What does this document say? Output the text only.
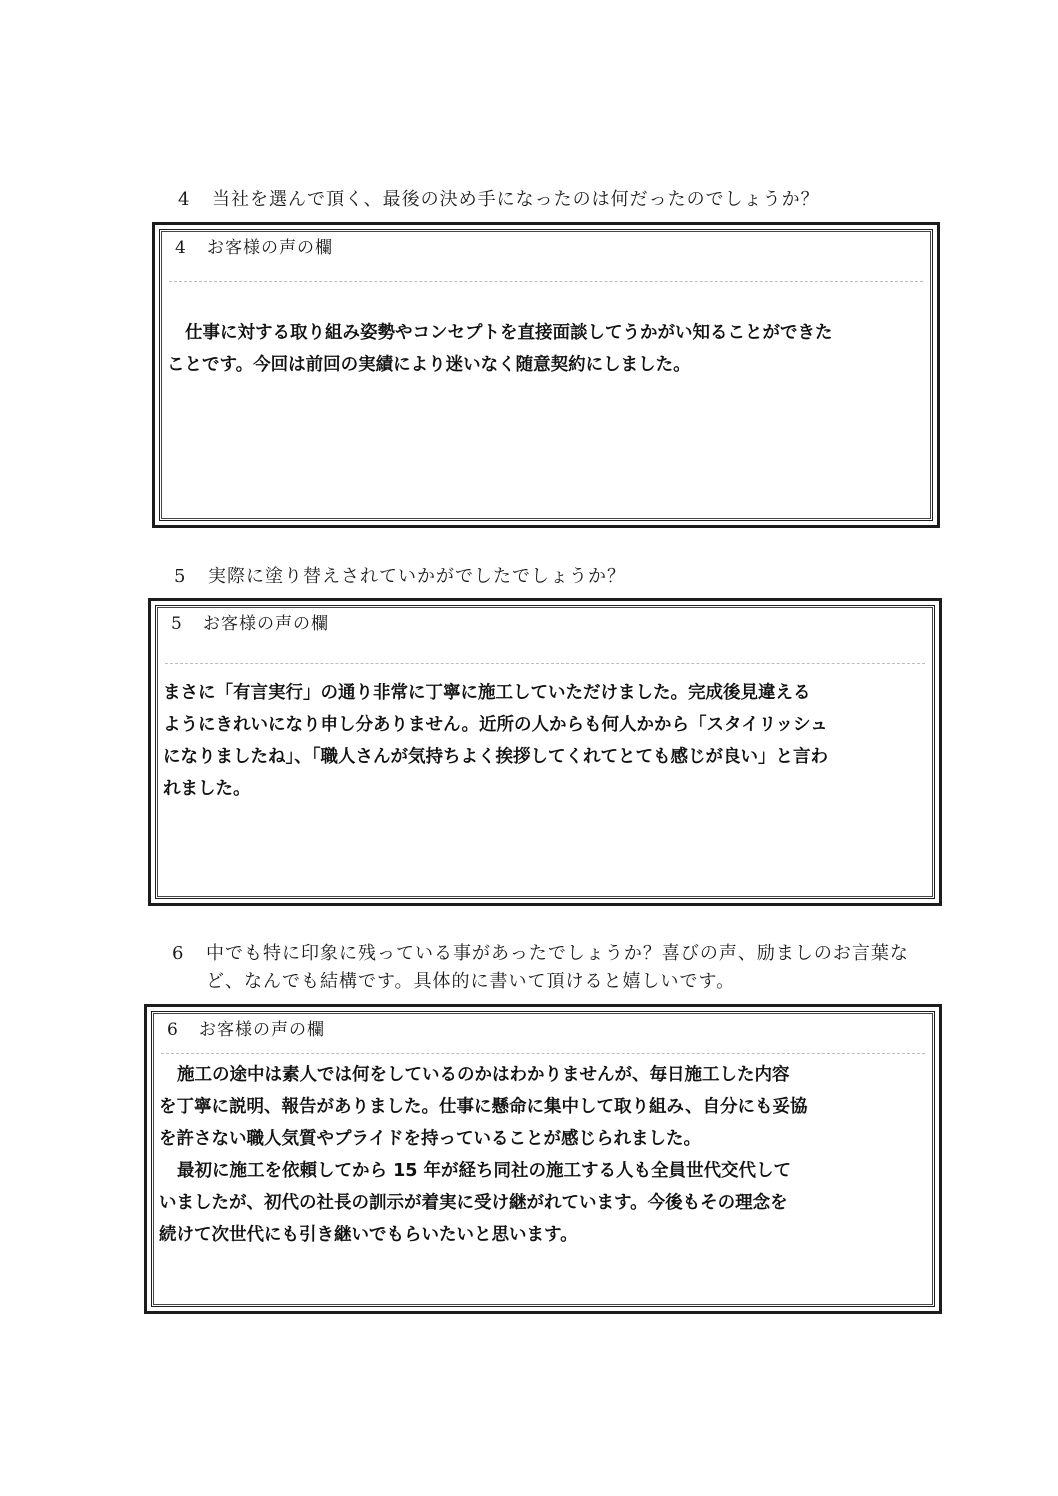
4 当社を選んで頂く、最後の決め手になったのは何だったのでしょうか？
4 お客様の声の欄
仕事に対する取り組み姿勢やコンセプトを直接面談してうかがい知ることができた
ことです。今回は前回の実績により迷いなく随意契約にしました。
5 実際に塗り替えされていかがでしたでしょうか？
5 お客様の声の欄
まさに「有言実行」の通り非常に丁寧に施工していただけました。完成後見違える
ようにきれいになり申し分ありません。近所の人からも何人かから「スタイリッシュ
になりましたね」、「職人さんが気持ちよく挨拶してくれてとても感じが良い」と言わ
れました。
6 中でも特に印象に残っている事があったでしょうか？喜びの声、励ましのお言葉な
ど、なんでも結構です。具体的に書いて頂けると嬉しいです。
6 お客様の声の欄
施工の途中は素人では何をしているのかはわかりませんが、毎日施工した内容
を丁寧に説明、報告がありました。仕事に懸命に集中して取り組み、自分にも妥協
を許さない職人気質やプライドを持っていることが感じられました。
最初に施工を依頼してから 15 年が経ち同社の施工する人も全員世代交代して
いましたが、初代の社長の訓示が着実に受け継がれています。今後もその理念を
続けて次世代にも引き継いでもらいたいと思います。
